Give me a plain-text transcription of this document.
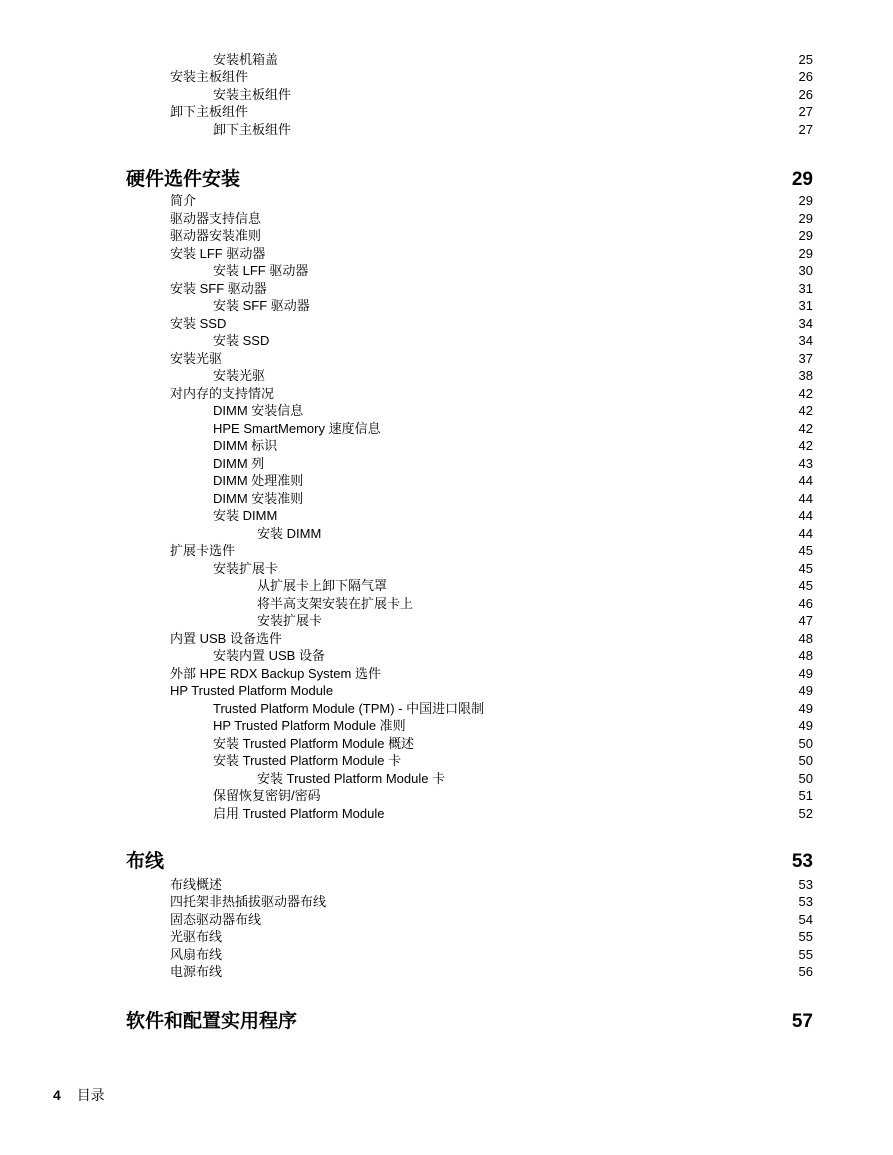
安装机箱盖	25
安装主板组件	26
安装主板组件	26
卸下主板组件	27
卸下主板组件	27
硬件选件安装	29
简介	29
驱动器支持信息	29
驱动器安装准则	29
安装 LFF 驱动器	29
安装 LFF 驱动器	30
安装 SFF 驱动器	31
安装 SFF 驱动器	31
安装 SSD	34
安装 SSD	34
安装光驱	37
安装光驱	38
对内存的支持情况	42
DIMM 安装信息	42
HPE SmartMemory 速度信息	42
DIMM 标识	42
DIMM 列	43
DIMM 处理准则	44
DIMM 安装准则	44
安装 DIMM	44
安装 DIMM	44
扩展卡选件	45
安装扩展卡	45
从扩展卡上卸下隔气罩	45
将半高支架安装在扩展卡上	46
安装扩展卡	47
内置 USB 设备选件	48
安装内置 USB 设备	48
外部 HPE RDX Backup System 选件	49
HP Trusted Platform Module	49
Trusted Platform Module (TPM) - 中国进口限制	49
HP Trusted Platform Module 准则	49
安装 Trusted Platform Module 概述	50
安装 Trusted Platform Module 卡	50
安装 Trusted Platform Module 卡	50
保留恢复密钥/密码	51
启用 Trusted Platform Module	52
布线	53
布线概述	53
四托架非热插拔驱动器布线	53
固态驱动器布线	54
光驱布线	55
风扇布线	55
电源布线	56
软件和配置实用程序	57
4 目录
